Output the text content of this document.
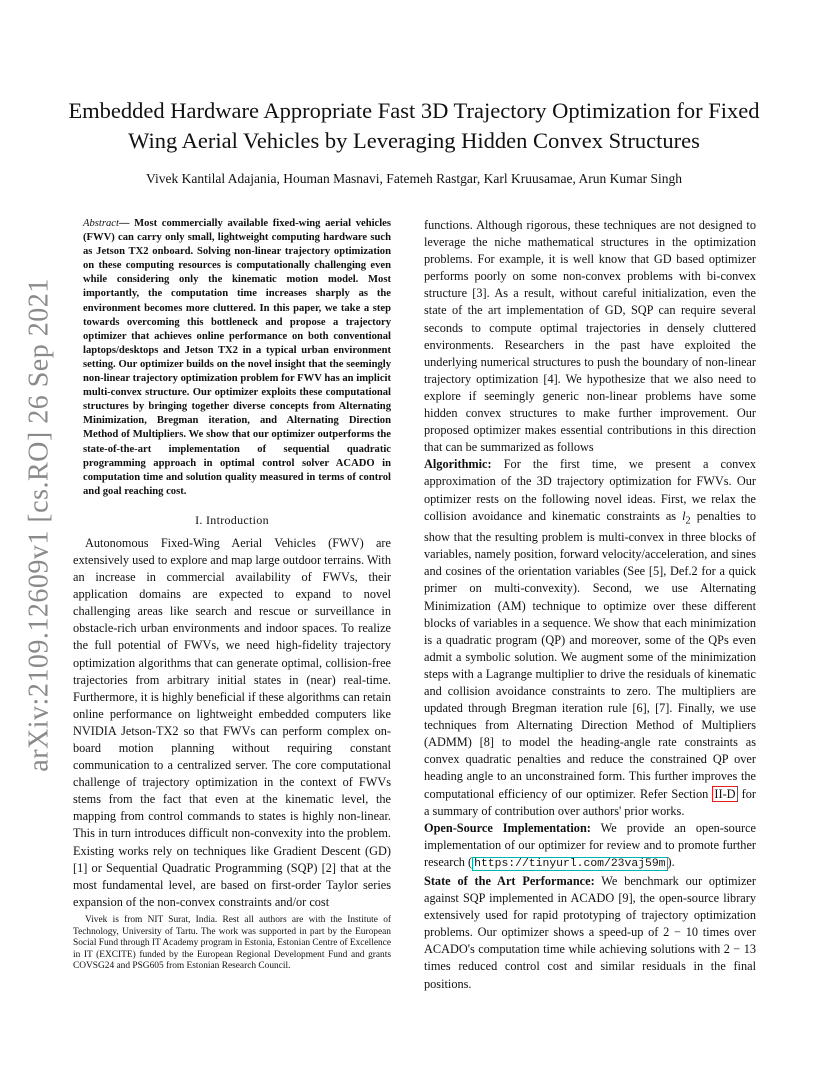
arXiv:2109.12609v1 [cs.RO] 26 Sep 2021
Embedded Hardware Appropriate Fast 3D Trajectory Optimization for Fixed Wing Aerial Vehicles by Leveraging Hidden Convex Structures

Vivek Kantilal Adajania, Houman Masnavi, Fatemeh Rastgar, Karl Kruusamae, Arun Kumar Singh

Abstract— Most commercially available fixed-wing aerial vehicles (FWV) can carry only small, lightweight computing hardware such as Jetson TX2 onboard. Solving non-linear trajectory optimization on these computing resources is computationally challenging even while considering only the kinematic motion model. Most importantly, the computation time increases sharply as the environment becomes more cluttered. In this paper, we take a step towards overcoming this bottleneck and propose a trajectory optimizer that achieves online performance on both conventional laptops/desktops and Jetson TX2 in a typical urban environment setting. Our optimizer builds on the novel insight that the seemingly non-linear trajectory optimization problem for FWV has an implicit multi-convex structure. Our optimizer exploits these computational structures by bringing together diverse concepts from Alternating Minimization, Bregman iteration, and Alternating Direction Method of Multipliers. We show that our optimizer outperforms the state-of-the-art implementation of sequential quadratic programming approach in optimal control solver ACADO in computation time and solution quality measured in terms of control and goal reaching cost.

I. Introduction

Autonomous Fixed-Wing Aerial Vehicles (FWV) are extensively used to explore and map large outdoor terrains. With an increase in commercial availability of FWVs, their application domains are expected to expand to novel challenging areas like search and rescue or surveillance in obstacle-rich urban environments and indoor spaces. To realize the full potential of FWVs, we need high-fidelity trajectory optimization algorithms that can generate optimal, collision-free trajectories from arbitrary initial states in (near) real-time. Furthermore, it is highly beneficial if these algorithms can retain online performance on lightweight embedded computers like NVIDIA Jetson-TX2 so that FWVs can perform complex on-board motion planning without requiring constant communication to a centralized server. The core computational challenge of trajectory optimization in the context of FWVs stems from the fact that even at the kinematic level, the mapping from control commands to states is highly non-linear. This in turn introduces difficult non-convexity into the problem. Existing works rely on techniques like Gradient Descent (GD) [1] or Sequential Quadratic Programming (SQP) [2] that at the most fundamental level, are based on first-order Taylor series expansion of the non-convex constraints and/or cost

Vivek is from NIT Surat, India. Rest all authors are with the Institute of Technology, University of Tartu. The work was supported in part by the European Social Fund through IT Academy program in Estonia, Estonian Centre of Excellence in IT (EXCITE) funded by the European Regional Development Fund and grants COVSG24 and PSG605 from Estonian Research Council.

functions. Although rigorous, these techniques are not designed to leverage the niche mathematical structures in the optimization problems. For example, it is well know that GD based optimizer performs poorly on some non-convex problems with bi-convex structure [3]. As a result, without careful initialization, even the state of the art implementation of GD, SQP can require several seconds to compute optimal trajectories in densely cluttered environments. Researchers in the past have exploited the underlying numerical structures to push the boundary of non-linear trajectory optimization [4]. We hypothesize that we also need to explore if seemingly generic non-linear problems have some hidden convex structures to make further improvement. Our proposed optimizer makes essential contributions in this direction that can be summarized as follows

Algorithmic: For the first time, we present a convex approximation of the 3D trajectory optimization for FWVs. Our optimizer rests on the following novel ideas. First, we relax the collision avoidance and kinematic constraints as $l_2$ penalties to show that the resulting problem is multi-convex in three blocks of variables, namely position, forward velocity/acceleration, and sines and cosines of the orientation variables (See [5], Def.2 for a quick primer on multi-convexity). Second, we use Alternating Minimization (AM) technique to optimize over these different blocks of variables in a sequence. We show that each minimization is a quadratic program (QP) and moreover, some of the QPs even admit a symbolic solution. We augment some of the minimization steps with a Lagrange multiplier to drive the residuals of kinematic and collision avoidance constraints to zero. The multipliers are updated through Bregman iteration rule [6], [7]. Finally, we use techniques from Alternating Direction Method of Multipliers (ADMM) [8] to model the heading-angle rate constraints as convex quadratic penalties and reduce the constrained QP over heading angle to an unconstrained form. This further improves the computational efficiency of our optimizer. Refer Section II-D for a summary of contribution over authors' prior works.

Open-Source Implementation: We provide an open-source implementation of our optimizer for review and to promote further research ( https://tinyurl.com/23vaj59m ).

State of the Art Performance: We benchmark our optimizer against SQP implemented in ACADO [9], the open-source library extensively used for rapid prototyping of trajectory optimization problems. Our optimizer shows a speed-up of 2 − 10 times over ACADO's computation time while achieving solutions with 2 − 13 times reduced control cost and similar residuals in the final positions.
